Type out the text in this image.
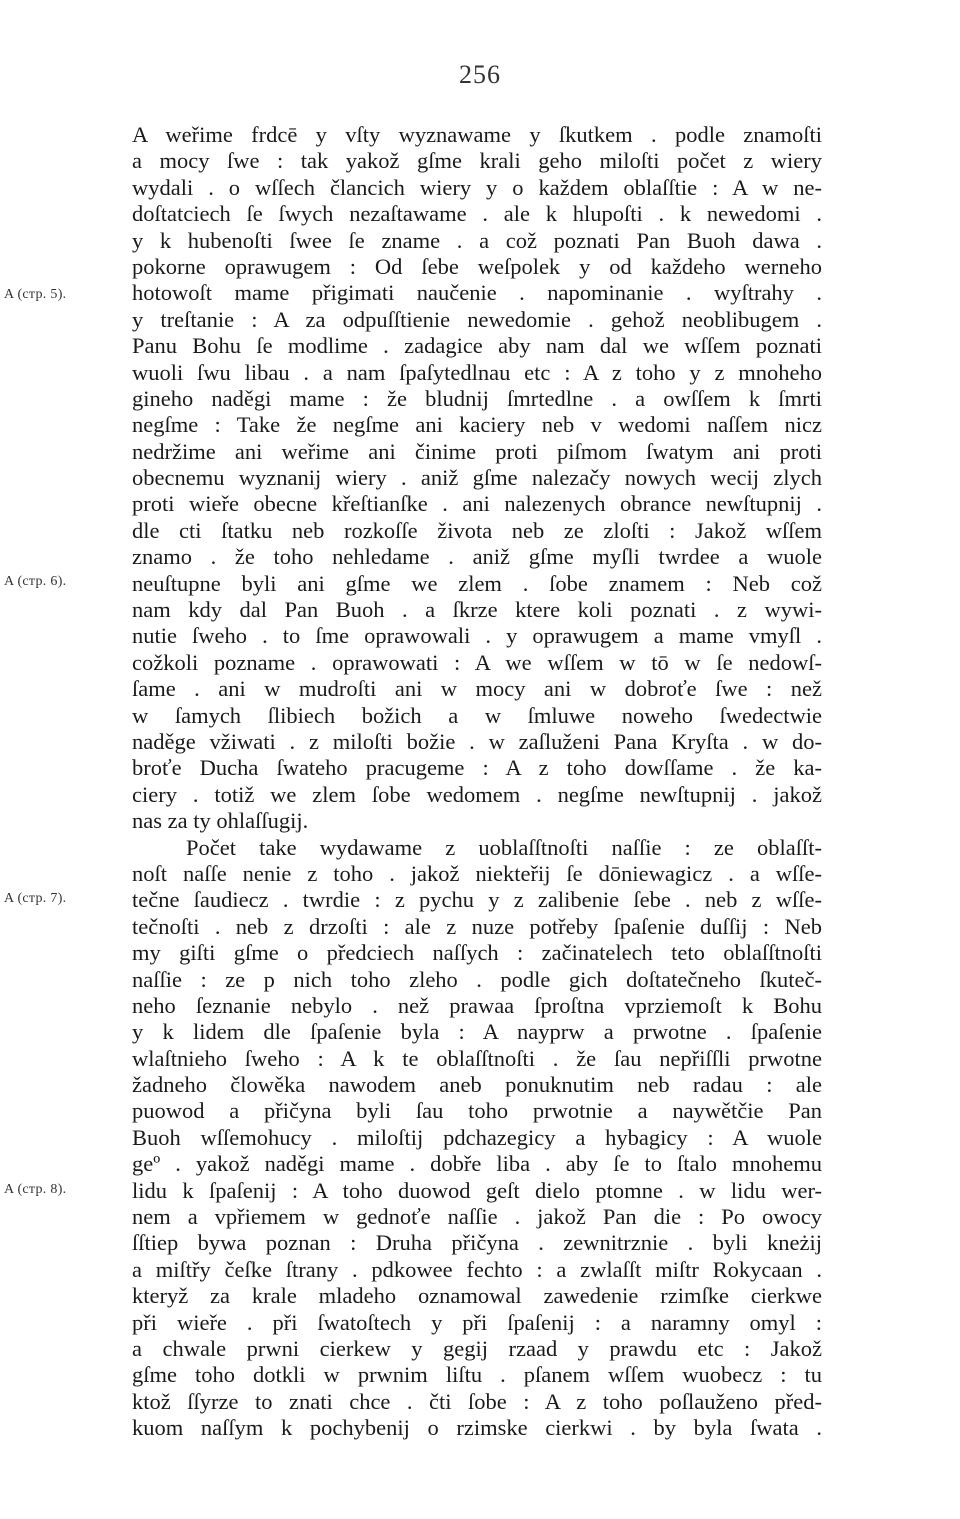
256
A weřime frdcē y vſty wyznawame y ſkutkem . podle znamoſti
a mocy ſwe : tak yakož gſme krali geho miloſti počet z wiery
wydali . o wſſech člancich wiery y o každem oblaſſtie : A w ne-
doſtatciech ſe ſwych nezaſtawame . ale k hlupoſti . k newedomi .
y k hubenoſti ſwee ſe zname . a což poznati Pan Buoh dawa .
pokorne oprawugem : Od ſebe weſpolek y od každeho werneho
hotowoſt mame přigimati naučenie . napominanie . wyſtrahy .
y treſtanie : A za odpuſſtienie newedomie . gehož neoblibugem .
Panu Bohu ſe modlime . zadagice aby nam dal we wſſem poznati
wuoli ſwu libau . a nam ſpaſytedlnau etc : A z toho y z mnoheho
gineho naděgi mame : že bludnij ſmrtedlne . a owſſem k ſmrti
negſme : Take že negſme ani kaciery neb v wedomi naſſem nicz
nedržime ani weřime ani činime proti piſmom ſwatym ani proti
obecnemu wyznanij wiery . aniž gſme nalezačy nowych wecij zlych
proti wieře obecne křeſtianſke . ani nalezenych obrance newſtupnij .
dle cti ſtatku neb rozkoſſe života neb ze zloſti : Jakož wſſem
znamo . že toho nehledame . aniž gſme myſli twrdee a wuole
neuſtupne byli ani gſme we zlem . ſobe znamem : Neb což
nam kdy dal Pan Buoh . a ſkrze ktere koli poznati . z wywi-
nutie ſweho . to ſme oprawowali . y oprawugem a mame vmyſl .
cožkoli pozname . oprawowati : A we wſſem w tō w ſe nedowſ-
ſame . ani w mudroſti ani w mocy ani w dobroťe ſwe : než
w ſamych ſlibiech božich a w ſmluwe noweho ſwedectwie
naděge vžiwati . z miloſti božie . w zaſluženi Pana Kryſta . w do-
broťe Ducha ſwateho pracugeme : A z toho dowſſame . že ka-
ciery . totiž we zlem ſobe wedomem . negſme newſtupnij . jakož
nas za ty ohlaſſugij.
Počet take wydawame z uoblaſſtnoſti naſſie : ze oblaſſt-
noſt naſſe nenie z toho . jakož niekteřij ſe dōniewagicz . a wſſe-
tečne ſaudiecz . twrdie : z pychu y z zalibenie ſebe . neb z wſſe-
tečnoſti . neb z drzoſti : ale z nuze potřeby ſpaſenie duſſij : Neb
my giſti gſme o předciech naſſych : začinatelech teto oblaſſtnoſti
naſſie : ze p nich toho zleho . podle gich doſtatečneho ſkuteč-
neho ſeznanie nebylo . než prawaa ſproſtna vprziemoſt k Bohu
y k lidem dle ſpaſenie byla : A nayprw a prwotne . ſpaſenie
wlaſtnieho ſweho : A k te oblaſſtnoſti . že ſau nepřiſſli prwotne
žadneho člowěka nawodem aneb ponuknutim neb radau : ale
puowod a přičyna byli ſau toho prwotnie a naywětčie Pan
Buoh wſſemohucy . miloſtij pdchazegicy a hybagicy : A wuole
geº . yakož naděgi mame . dobře liba . aby ſe to ſtalo mnohemu
lidu k ſpaſenij : A toho duowod geſt dielo ptomne . w lidu wer-
nem a vpřiemem w gednoťe naſſie . jakož Pan die : Po owocy
ſſtiep bywa poznan : Druha přičyna . zewnitrznie . byli kneżij
a miſtřy čeſke ſtrany . pdkowee fechto : a zwlaſſt miſtr Rokycaan .
kteryž za krale mladeho oznamowal zawedenie rzimſke cierkwe
při wieře . při ſwatoſtech y při ſpaſenij : a naramny omyl :
a chwale prwni cierkew y gegij rzaad y prawdu etc : Jakož
gſme toho dotkli w prwnim liſtu . pſanem wſſem wuobecz : tu
ktož ſſyrze to znati chce . čti ſobe : A z toho poſlauženo před-
kuom naſſym k pochybenij o rzimske cierkwi . by byla ſwata .
A (стр. 5).
A (стр. 6).
A (стр. 7).
A (стр. 8).
